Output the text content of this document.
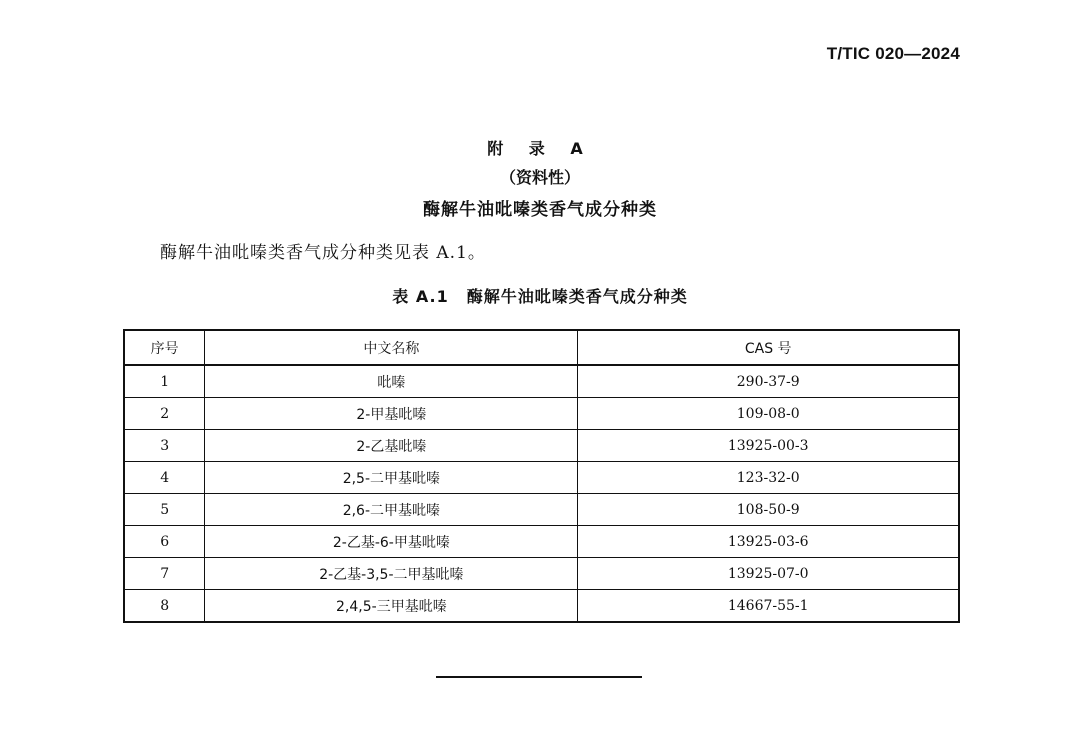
T/TIC 020—2024
附 录 A
（资料性）
酶解牛油吡嗪类香气成分种类
酶解牛油吡嗪类香气成分种类见表 A.1。
表 A.1 酶解牛油吡嗪类香气成分种类
序号	中文名称	CAS 号
1	吡嗪	290-37-9
2	2-甲基吡嗪	109-08-0
3	2-乙基吡嗪	13925-00-3
4	2,5-二甲基吡嗪	123-32-0
5	2,6-二甲基吡嗪	108-50-9
6	2-乙基-6-甲基吡嗪	13925-03-6
7	2-乙基-3,5-二甲基吡嗪	13925-07-0
8	2,4,5-三甲基吡嗪	14667-55-1
